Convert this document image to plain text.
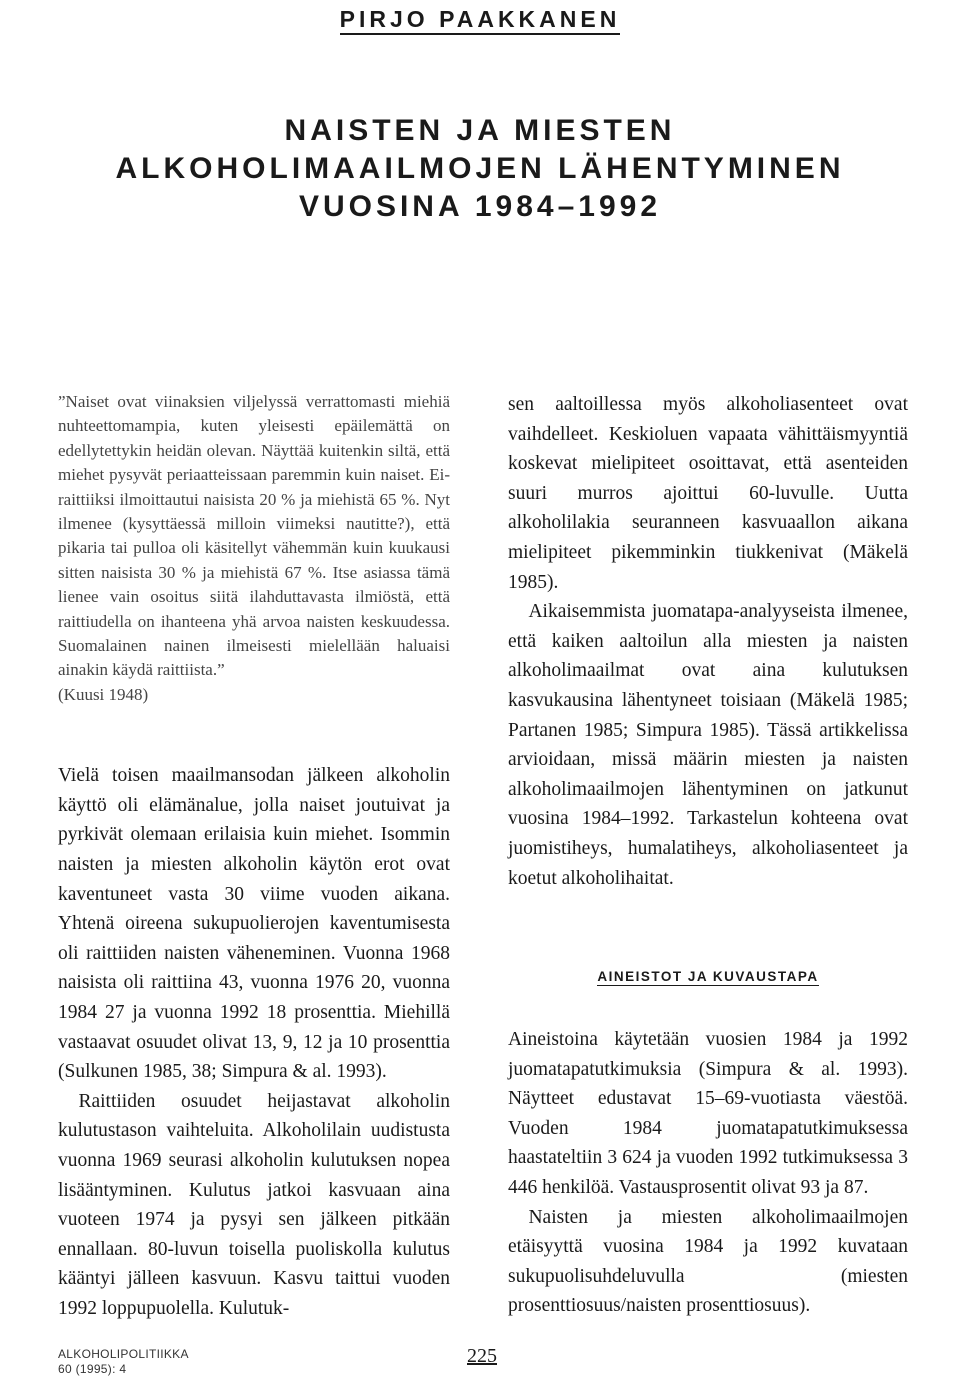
PIRJO PAAKKANEN
NAISTEN JA MIESTEN
ALKOHOLIMAAILMOJEN LÄHENTYMINEN
VUOSINA 1984–1992

”Naiset ovat viinaksien viljelyssä verrattomasti miehiä nuhteettomampia, kuten yleisesti epäilemättä on edellytettykin heidän olevan. Näyttää kuitenkin siltä, että miehet pysyvät periaatteissaan paremmin kuin naiset. Ei-raittiiksi ilmoittautui naisista 20 % ja miehistä 65 %. Nyt ilmenee (kysyttäessä milloin viimeksi nautitte?), että pikaria tai pulloa oli käsitellyt vähemmän kuin kuukausi sitten naisista 30 % ja miehistä 67 %. Itse asiassa tämä lienee vain osoitus siitä ilahduttavasta ilmiöstä, että raittiudella on ihanteena yhä arvoa naisten keskuudessa. Suomalainen nainen ilmeisesti mielellään haluaisi ainakin käydä raittiista.”

(Kuusi 1948)

Vielä toisen maailmansodan jälkeen alkoholin käyttö oli elämänalue, jolla naiset joutuivat ja pyrkivät olemaan erilaisia kuin miehet. Isommin naisten ja miesten alkoholin käytön erot ovat kaventuneet vasta 30 viime vuoden aikana. Yhtenä oireena sukupuolierojen kaventumisesta oli raittiiden naisten väheneminen. Vuonna 1968 naisista oli raittiina 43, vuonna 1976 20, vuonna 1984 27 ja vuonna 1992 18 prosenttia. Miehillä vastaavat osuudet olivat 13, 9, 12 ja 10 prosenttia (Sulkunen 1985, 38; Simpura & al. 1993).

Raittiiden osuudet heijastavat alkoholin kulutustason vaihteluita. Alkoholilain uudistusta vuonna 1969 seurasi alkoholin kulutuksen nopea lisääntyminen. Kulutus jatkoi kasvuaan aina vuoteen 1974 ja pysyi sen jälkeen pitkään ennallaan. 80-luvun toisella puoliskolla kulutus kääntyi jälleen kasvuun. Kasvu taittui vuoden 1992 loppupuolella. Kulutuk-

sen aaltoillessa myös alkoholiasenteet ovat vaihdelleet. Keskioluen vapaata vähittäismyyntiä koskevat mielipiteet osoittavat, että asenteiden suuri murros ajoittui 60-luvulle. Uutta alkoholilakia seuranneen kasvuaallon aikana mielipiteet pikemminkin tiukkenivat (Mäkelä 1985).

Aikaisemmista juomatapa-analyyseista ilmenee, että kaiken aaltoilun alla miesten ja naisten alkoholimaailmat ovat aina kulutuksen kasvukausina lähentyneet toisiaan (Mäkelä 1985; Partanen 1985; Simpura 1985). Tässä artikkelissa arvioidaan, missä määrin miesten ja naisten alkoholimaailmojen lähentyminen on jatkunut vuosina 1984–1992. Tarkastelun kohteena ovat juomistiheys, humalatiheys, alkoholiasenteet ja koetut alkoholihaitat.

AINEISTOT JA KUVAUSTAPA

Aineistoina käytetään vuosien 1984 ja 1992 juomatapatutkimuksia (Simpura & al. 1993). Näytteet edustavat 15–69-vuotiasta väestöä. Vuoden 1984 juomatapatutkimuksessa haastateltiin 3 624 ja vuoden 1992 tutkimuksessa 3 446 henkilöä. Vastausprosentit olivat 93 ja 87.

Naisten ja miesten alkoholimaailmojen etäisyyttä vuosina 1984 ja 1992 kuvataan sukupuolisuhdeluvulla (miesten prosenttiosuus/naisten prosenttiosuus).

ALKOHOLIPOLITIIKKA
60 (1995): 4
225
